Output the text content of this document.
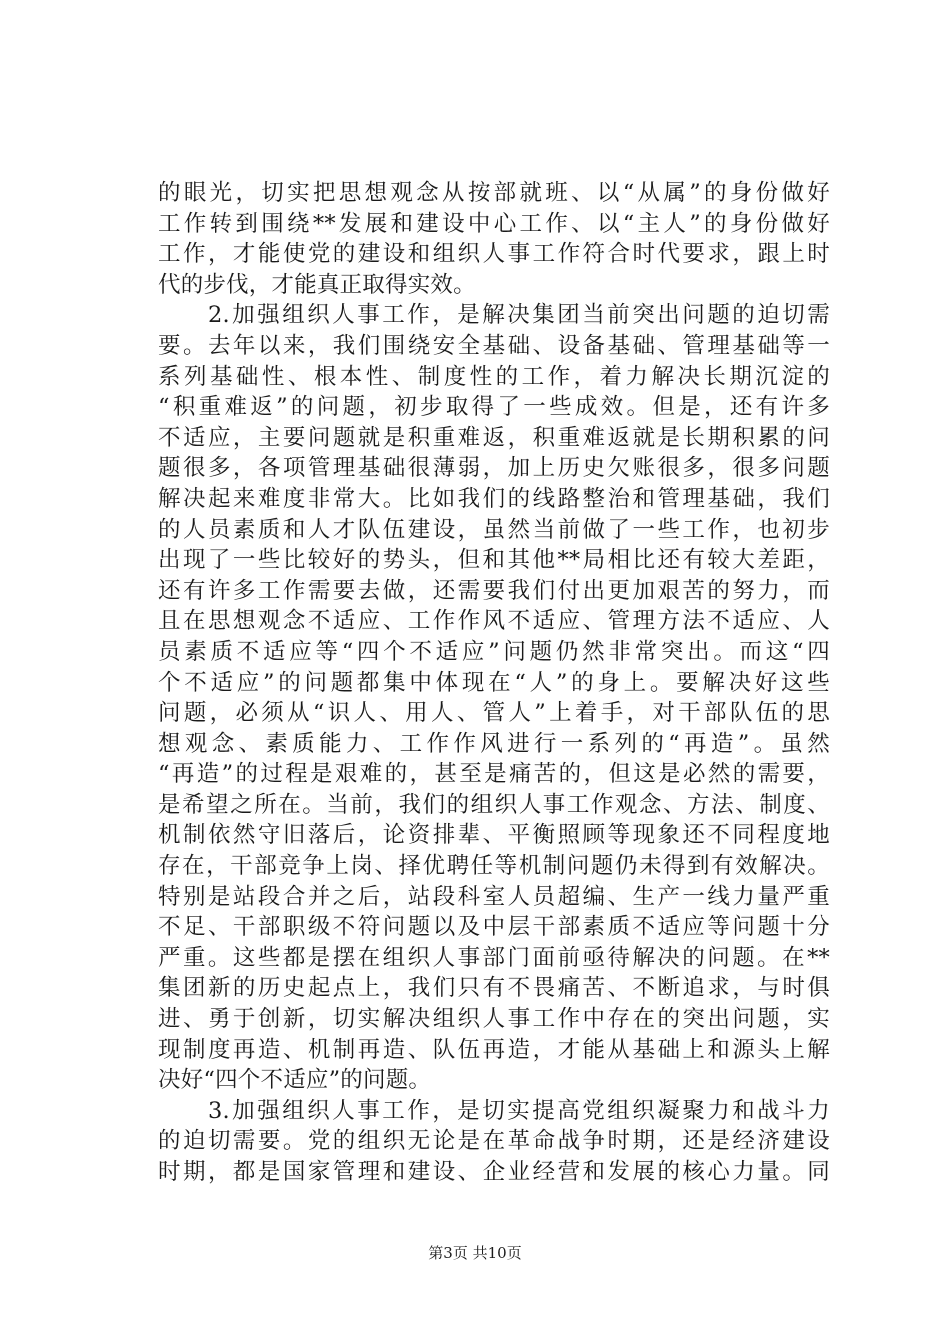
的眼光，切实把思想观念从按部就班、以“从属”的身份做好
工作转到围绕**发展和建设中心工作、以“主人”的身份做好
工作，才能使党的建设和组织人事工作符合时代要求，跟上时
代的步伐，才能真正取得实效。
　　2.加强组织人事工作，是解决集团当前突出问题的迫切需
要。去年以来，我们围绕安全基础、设备基础、管理基础等一
系列基础性、根本性、制度性的工作，着力解决长期沉淀的
“积重难返”的问题，初步取得了一些成效。但是，还有许多
不适应，主要问题就是积重难返，积重难返就是长期积累的问
题很多，各项管理基础很薄弱，加上历史欠账很多，很多问题
解决起来难度非常大。比如我们的线路整治和管理基础，我们
的人员素质和人才队伍建设，虽然当前做了一些工作，也初步
出现了一些比较好的势头，但和其他**局相比还有较大差距，
还有许多工作需要去做，还需要我们付出更加艰苦的努力，而
且在思想观念不适应、工作作风不适应、管理方法不适应、人
员素质不适应等“四个不适应”问题仍然非常突出。而这“四
个不适应”的问题都集中体现在“人”的身上。要解决好这些
问题，必须从“识人、用人、管人”上着手，对干部队伍的思
想观念、素质能力、工作作风进行一系列的“再造”。虽然
“再造”的过程是艰难的，甚至是痛苦的，但这是必然的需要，
是希望之所在。当前，我们的组织人事工作观念、方法、制度、
机制依然守旧落后，论资排辈、平衡照顾等现象还不同程度地
存在，干部竞争上岗、择优聘任等机制问题仍未得到有效解决。
特别是站段合并之后，站段科室人员超编、生产一线力量严重
不足、干部职级不符问题以及中层干部素质不适应等问题十分
严重。这些都是摆在组织人事部门面前亟待解决的问题。在**
集团新的历史起点上，我们只有不畏痛苦、不断追求，与时俱
进、勇于创新，切实解决组织人事工作中存在的突出问题，实
现制度再造、机制再造、队伍再造，才能从基础上和源头上解
决好“四个不适应”的问题。
　　3.加强组织人事工作，是切实提高党组织凝聚力和战斗力
的迫切需要。党的组织无论是在革命战争时期，还是经济建设
时期，都是国家管理和建设、企业经营和发展的核心力量。同
第3页 共10页
